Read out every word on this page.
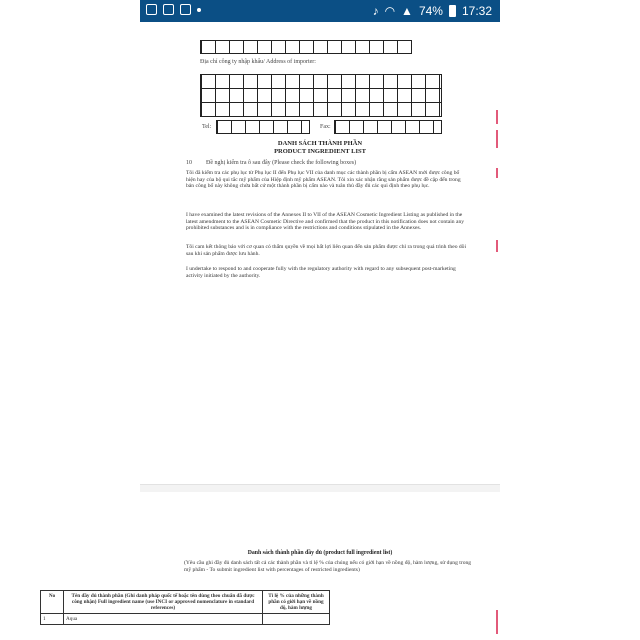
♪ ◠ ▲ 74% 17:32
Địa chỉ công ty nhập khẩu/ Address of importer:
Tel:	Fax:
DANH SÁCH THÀNH PHẦN
PRODUCT INGREDIENT LIST
10 Đề nghị kiểm tra ô sau đây (Please check the following boxes)
Tôi đã kiểm tra các phụ lục từ Phụ lục II đến Phụ lục VII của danh mục các thành phần bị cấm ASEAN mới được công bố hiện hay của bộ qui tắc mỹ phẩm của Hiệp định mỹ phẩm ASEAN. Tôi xin xác nhận rằng sản phẩm được đề cập đến trong bản công bố này không chứa bất cứ một thành phần bị cấm nào và tuân thủ đầy đủ các qui định theo phụ lục.
I have examined the latest revisions of the Annexes II to VII of the ASEAN Cosmetic Ingredient Listing as published in the latest amendment to the ASEAN Cosmetic Directive and confirmed that the product in this notification does not contain any prohibited substances and is in compliance with the restrictions and conditions stipulated in the Annexes.
Tôi cam kết thông báo với cơ quan có thẩm quyền về mọi bất lợi liên quan đến sản phẩm được chỉ ra trong quá trình theo dõi sau khi sản phẩm được lưu hành.
I undertake to respond to and cooperate fully with the regulatory authority with regard to any subsequent post-marketing activity initiated by the authority.
Danh sách thành phần đầy đủ (product full ingredient list)
(Yêu cầu ghi đầy đủ danh sách tất cả các thành phần và tỉ lệ % của chúng nếu có giới hạn về nồng độ, hàm lượng, sử dụng trong mỹ phẩm - To submit ingredient list with percentages of restricted ingredients)
No	Tên đầy đủ thành phần (Ghi danh pháp quốc tế hoặc tên dùng theo chuẩn đã được công nhận) Full ingredient name (use INCI or approved nomenclature in standard references)	Tỉ lệ % của những thành phần có giới hạn về nồng độ, hàm lượng
1	Aqua	
